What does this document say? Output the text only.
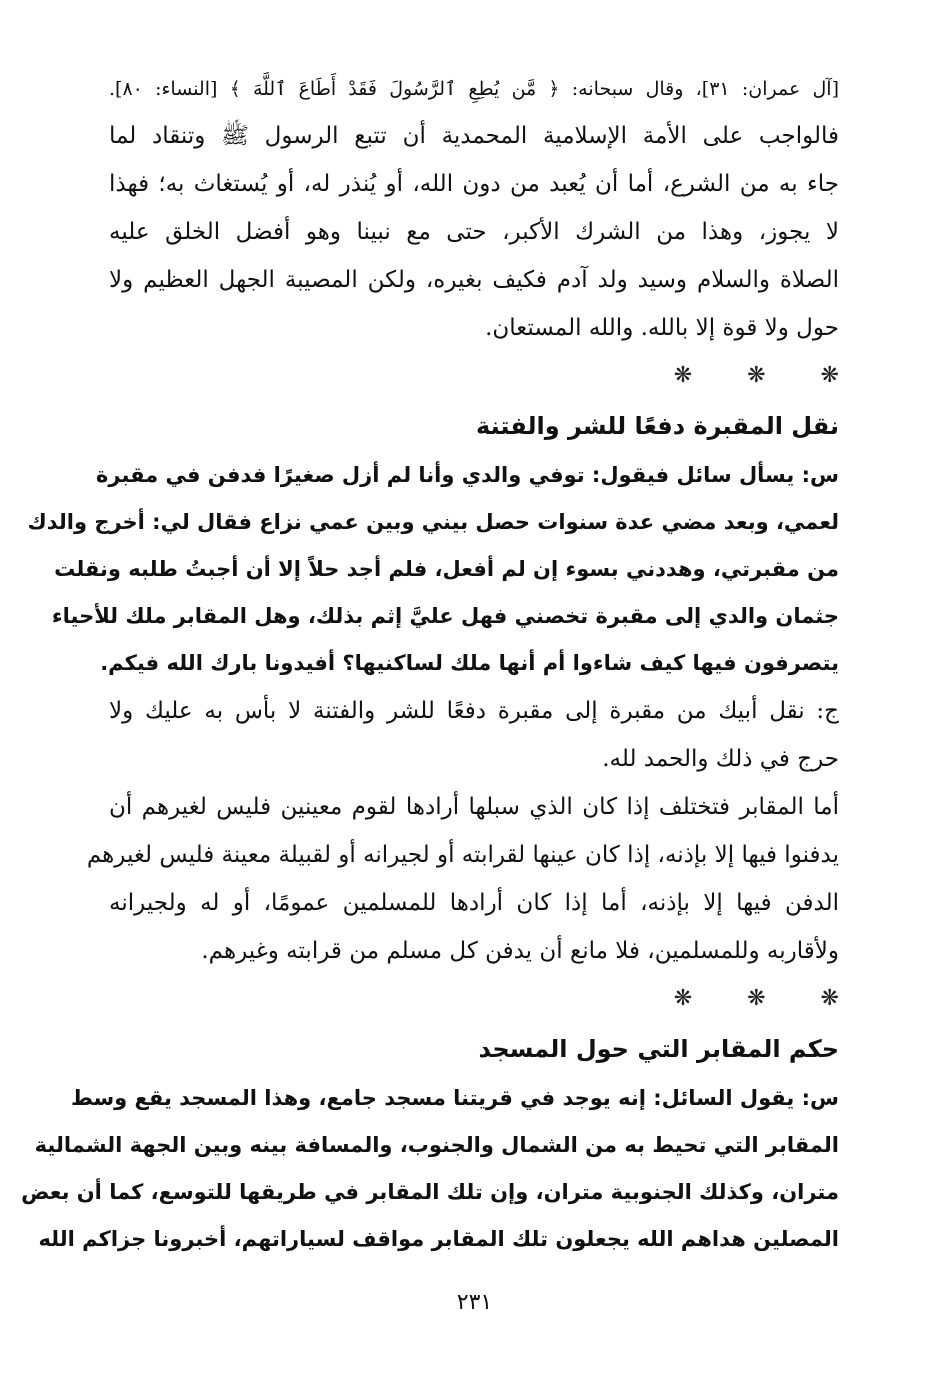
[آل عمران: ٣١]، وقال سبحانه: ﴿ مَّن يُطِعِ ٱلرَّسُولَ فَقَدْ أَطَاعَ ٱللَّهَ ﴾ [النساء: ٨٠].
فالواجب على الأمة الإسلامية المحمدية أن تتبع الرسول ﷺ وتنقاد لما
جاء به من الشرع، أما أن يُعبد من دون الله، أو يُنذر له، أو يُستغاث به؛ فهذا
لا يجوز، وهذا من الشرك الأكبر، حتى مع نبينا وهو أفضل الخلق عليه
الصلاة والسلام وسيد ولد آدم فكيف بغيره، ولكن المصيبة الجهل العظيم ولا
حول ولا قوة إلا بالله. والله المستعان.
❋ ❋ ❋
نقل المقبرة دفعًا للشر والفتنة
س: يسأل سائل فيقول: توفي والدي وأنا لم أزل صغيرًا فدفن في مقبرة
لعمي، وبعد مضي عدة سنوات حصل بيني وبين عمي نزاع فقال لي: أخرج والدك
من مقبرتي، وهددني بسوء إن لم أفعل، فلم أجد حلاً إلا أن أجبتُ طلبه ونقلت
جثمان والدي إلى مقبرة تخصني فهل عليَّ إثم بذلك، وهل المقابر ملك للأحياء
يتصرفون فيها كيف شاءوا أم أنها ملك لساكنيها؟ أفيدونا بارك الله فيكم.
ج: نقل أبيك من مقبرة إلى مقبرة دفعًا للشر والفتنة لا بأس به عليك ولا
حرج في ذلك والحمد لله.
أما المقابر فتختلف إذا كان الذي سبلها أرادها لقوم معينين فليس لغيرهم أن
يدفنوا فيها إلا بإذنه، إذا كان عينها لقرابته أو لجيرانه أو لقبيلة معينة فليس لغيرهم
الدفن فيها إلا بإذنه، أما إذا كان أرادها للمسلمين عمومًا، أو له ولجيرانه
ولأقاربه وللمسلمين، فلا مانع أن يدفن كل مسلم من قرابته وغيرهم.
❋ ❋ ❋
حكم المقابر التي حول المسجد
س: يقول السائل: إنه يوجد في قريتنا مسجد جامع، وهذا المسجد يقع وسط
المقابر التي تحيط به من الشمال والجنوب، والمسافة بينه وبين الجهة الشمالية
متران، وكذلك الجنوبية متران، وإن تلك المقابر في طريقها للتوسع، كما أن بعض
المصلين هداهم الله يجعلون تلك المقابر مواقف لسياراتهم، أخبرونا جزاكم الله
٢٣١
